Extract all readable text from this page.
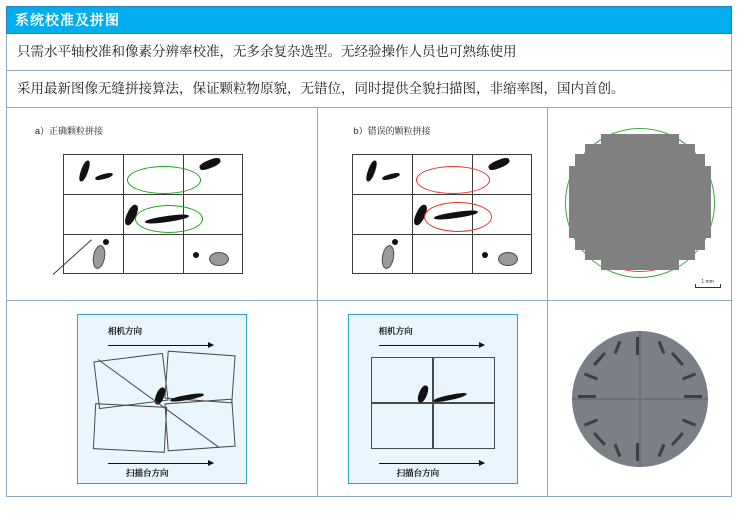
系统校准及拼图		
只需水平轴校准和像素分辨率校准，无多余复杂选型。无经验操作人员也可熟练使用		
采用最新图像无缝拼接算法，保证颗粒物原貌，无错位，同时提供全貌扫描图，非缩率图，国内首创。		

a）正确颗粒拼接	b）错误的颗粒拼接	1 mm

相机方向
扫描台方向

相机方向
扫描台方向
